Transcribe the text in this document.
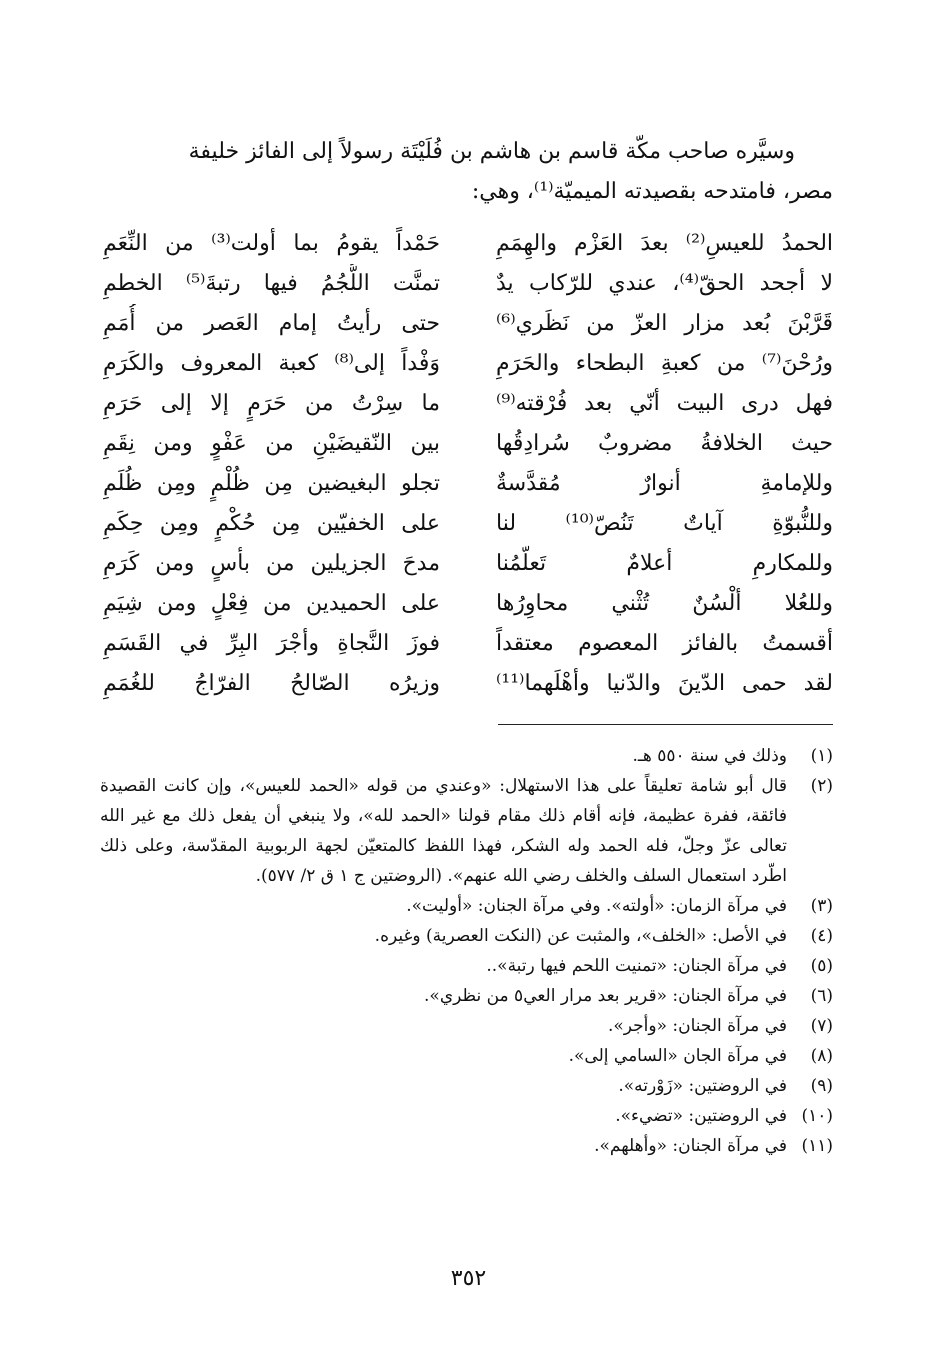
وسيَّره صاحب مكّة قاسم بن هاشم بن فُلَيْتَة رسولاً إلى الفائز خليفة
مصر، فامتدحه بقصيدته الميميّة⁽¹⁾، وهي:

الحمدُ للعيسِ⁽²⁾ بعدَ العَزْم والهِمَمِ
حَمْداً يقومُ بما أولت⁽³⁾ من النِّعَمِ
لا أجحد الحقّ⁽⁴⁾، عندي للرّكاب يدٌ
تمنَّت اللُّجُمُ فيها رتبةَ⁽⁵⁾ الخطمِ
قَرَّبْنَ بُعد مزار العزّ من نَظَري⁽⁶⁾
حتى رأيتُ إمام العَصر من أُمَمِ
ورُحْنَ⁽⁷⁾ من كعبةِ البطحاء والحَرَمِ
وَفْداً إلى⁽⁸⁾ كعبة المعروف والكَرَمِ
فهل درى البيت أنّي بعد فُرْقته⁽⁹⁾
ما سِرْتُ من حَرَمٍ إلا إلى حَرَمِ
حيث الخلافةُ مضروبٌ سُرادِقُها
بين النّقيضَيْنِ من عَفْوٍ ومن نِقَمِ
وللإمامةِ أنوارٌ مُقدَّسةٌ
تجلو البغيضين مِن ظُلْمٍ ومِن ظُلَمِ
وللنُّبوّةِ آياتٌ تَنُصّ⁽¹⁰⁾ لنا
على الخفيّين مِن حُكْمٍ ومِن حِكَمِ
وللمكارمِ أعلامٌ تَعلّمُنا
مدحَ الجزيلين من بأسٍ ومن كَرَمِ
وللعُلا ألْسُنٌ تُثْني محاوِرُها
على الحميدين من فِعْلٍ ومن شِيَمِ
أقسمتُ بالفائز المعصوم معتقداً
فوزَ النَّجاةِ وأجْرَ البِرِّ في القَسَمِ
لقد حمى الدّينَ والدّنيا وأهْلَهما⁽¹¹⁾
وزيرُه الصّالحُ الفرّاجُ للغُمَمِ
(١)
وذلك في سنة ٥٥٠ هـ.
(٢)
قال أبو شامة تعليقاً على هذا الاستهلال: «وعندي من قوله «الحمد للعيس»، وإن كانت القصيدة فائقة، ففرة عظيمة، فإنه أقام ذلك مقام قولنا «الحمد لله»، ولا ينبغي أن يفعل ذلك مع غير الله تعالى عزّ وجلّ، فله الحمد وله الشكر، فهذا اللفظ كالمتعيّن لجهة الربوبية المقدّسة، وعلى ذلك اطّرد استعمال السلف والخلف رضي الله عنهم». (الروضتين ج ١ ق ٢/ ٥٧٧).
(٣)
في مرآة الزمان: «أولته». وفي مرآة الجنان: «أوليت».
(٤)
في الأصل: «الخلف»، والمثبت عن (النكت العصرية) وغيره.
(٥)
في مرآة الجنان: «تمنيت اللحم فيها رتبة»..
(٦)
في مرآة الجنان: «قرير بعد مرار العي٥ من نظري».
(٧)
في مرآة الجنان: «وأجر».
(٨)
في مرآة الجان «السامي إلى».
(٩)
في الروضتين: «زَوْرته».
(١٠)
في الروضتين: «تضيء».
(١١)
في مرآة الجنان: «وأهلهم».
٣٥٢
